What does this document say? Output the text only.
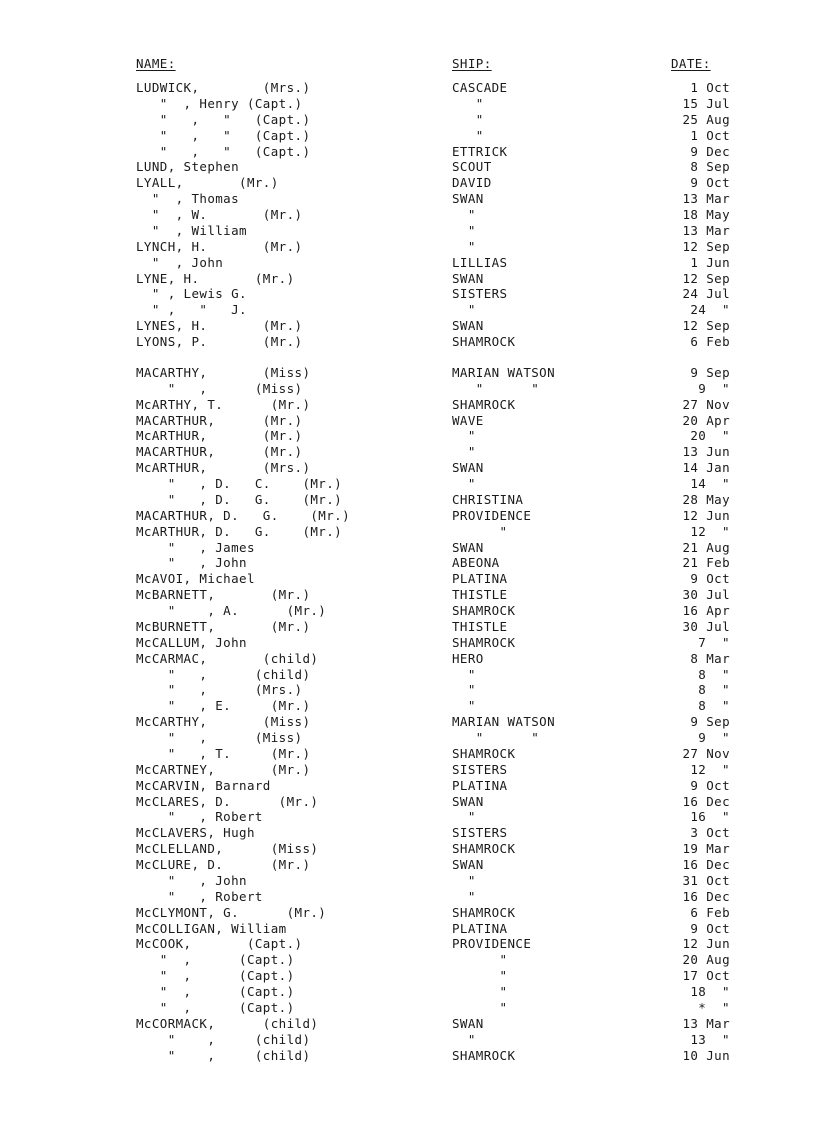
NAME:	SHIP:	DATE:
LUDWICK,        (Mrs.)	CASCADE	1 Oct
"  , Henry (Capt.)	"	15 Jul
"   ,   "   (Capt.)	"	25 Aug
"   ,   "   (Capt.)	"	1 Oct
"   ,   "   (Capt.)	ETTRICK	9 Dec
LUND, Stephen	SCOUT	8 Sep
LYALL,       (Mr.)	DAVID	9 Oct
"  , Thomas	SWAN	13 Mar
"  , W.       (Mr.)	"	18 May
"  , William	"	13 Mar
LYNCH, H.       (Mr.)	"	12 Sep
"  , John	LILLIAS	1 Jun
LYNE, H.       (Mr.)	SWAN	12 Sep
" , Lewis G.	SISTERS	24 Jul
" ,   "   J.	"	24  "
LYNES, H.       (Mr.)	SWAN	12 Sep
LYONS, P.       (Mr.)	SHAMROCK	6 Feb
MACARTHY,       (Miss)	MARIAN WATSON	9 Sep
"   ,      (Miss)	"      "	9  "
McARTHY, T.      (Mr.)	SHAMROCK	27 Nov
MACARTHUR,      (Mr.)	WAVE	20 Apr
McARTHUR,       (Mr.)	"	20  "
MACARTHUR,      (Mr.)	"	13 Jun
McARTHUR,       (Mrs.)	SWAN	14 Jan
"   , D.   C.    (Mr.)	"	14  "
"   , D.   G.    (Mr.)	CHRISTINA	28 May
MACARTHUR, D.   G.    (Mr.)	PROVIDENCE	12 Jun
McARTHUR, D.   G.    (Mr.)	"	12  "
"   , James	SWAN	21 Aug
"   , John	ABEONA	21 Feb
McAVOI, Michael	PLATINA	9 Oct
McBARNETT,       (Mr.)	THISTLE	30 Jul
"    , A.      (Mr.)	SHAMROCK	16 Apr
McBURNETT,       (Mr.)	THISTLE	30 Jul
McCALLUM, John	SHAMROCK	7  "
McCARMAC,       (child)	HERO	8 Mar
"   ,      (child)	"	8  "
"   ,      (Mrs.)	"	8  "
"   , E.     (Mr.)	"	8  "
McCARTHY,       (Miss)	MARIAN WATSON	9 Sep
"   ,      (Miss)	"      "	9  "
"   , T.     (Mr.)	SHAMROCK	27 Nov
McCARTNEY,       (Mr.)	SISTERS	12  "
McCARVIN, Barnard	PLATINA	9 Oct
McCLARES, D.      (Mr.)	SWAN	16 Dec
"   , Robert	"	16  "
McCLAVERS, Hugh	SISTERS	3 Oct
McCLELLAND,      (Miss)	SHAMROCK	19 Mar
McCLURE, D.      (Mr.)	SWAN	16 Dec
"   , John	"	31 Oct
"   , Robert	"	16 Dec
McCLYMONT, G.      (Mr.)	SHAMROCK	6 Feb
McCOLLIGAN, William	PLATINA	9 Oct
McCOOK,       (Capt.)	PROVIDENCE	12 Jun
"  ,      (Capt.)	"	20 Aug
"  ,      (Capt.)	"	17 Oct
"  ,      (Capt.)	"	18  "
"  ,      (Capt.)	"	*  "
McCORMACK,      (child)	SWAN	13 Mar
"    ,     (child)	"	13  "
"    ,     (child)	SHAMROCK	10 Jun
